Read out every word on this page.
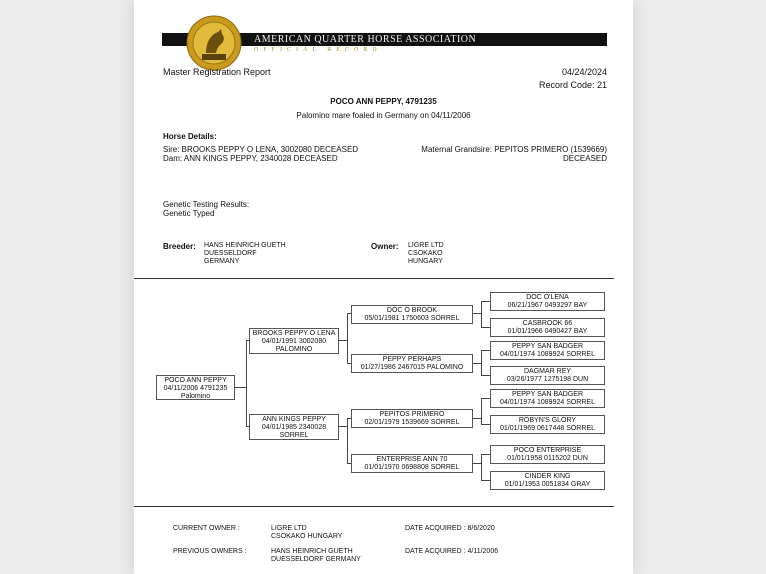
AMERICAN QUARTER HORSE ASSOCIATION
OFFICIAL RECORD
Master Registration Report	04/24/2024
Record Code: 21
POCO ANN PEPPY, 4791235
Palomino mare foaled in Germany on 04/11/2006
Horse Details:
Sire: BROOKS PEPPY O LENA, 3002080 DECEASED
Dam: ANN KINGS PEPPY, 2340028 DECEASED
Maternal Grandsire: PEPITOS PRIMERO (1539669)
DECEASED
Genetic Testing Results:
Genetic Typed
Breeder: HANS HEINRICH GUETH
DUESSELDORF
GERMANY
Owner: LIGRE LTD
CSOKAKO
HUNGARY
POCO ANN PEPPY
04/11/2006 4791235
Palomino
BROOKS PEPPY O LENA
04/01/1991 3002080
PALOMINO
ANN KINGS PEPPY
04/01/1985 2340028
SORREL
DOC O BROOK
05/01/1981 1750603 SORREL
PEPPY PERHAPS
01/27/1986 2467015 PALOMINO
PEPITOS PRIMERO
02/01/1979 1539669 SORREL
ENTERPRISE ANN 70
01/01/1970 0698808 SORREL
DOC O'LENA
06/21/1967 0493297 BAY
CASBROOK 66
01/01/1966 0490427 BAY
PEPPY SAN BADGER
04/01/1974 1089924 SORREL
DAGMAR REY
03/26/1977 1275198 DUN
PEPPY SAN BADGER
04/01/1974 1089924 SORREL
ROBYN'S GLORY
01/01/1969 0617448 SORREL
POCO ENTERPRISE
01/01/1958 0115202 DUN
CINDER KING
01/01/1953 0051834 GRAY
CURRENT OWNER :	LIGRE LTD
CSOKAKO HUNGARY
DATE ACQUIRED : 8/6/2020
PREVIOUS OWNERS :	HANS HEINRICH GUETH
DUESSELDORF GERMANY
DATE ACQUIRED : 4/11/2006
